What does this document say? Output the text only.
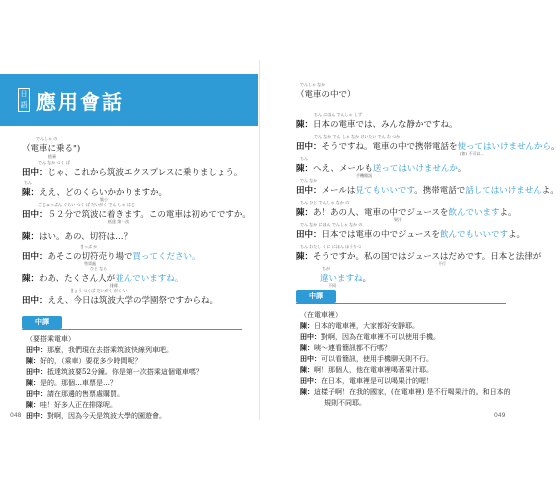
日語 應用會話
でんしゃ の
（電車に乗る")
搭乘
でん なか つく ば
田中：じゃ、これから筑波エクスプレスに乗りましょう。
ちん
陳：ええ、どのくらいかかりますか。
集小
ごじゅっぷん ぐらい つく ば だいがく でん しゃ はじ
田中：５２分で筑波に着きます。この電車は初めてですか。
抵達 第一次
陳：はい。あの、切符は…？
きっぷ か
田中：あそこの切符売り場で買ってください。
售票處
ひと なら
陳：わあ、たくさん人が並んでいますね。
排隊
きょう つくば だいがく がく い
田中：ええ、今日は筑波大学の学園祭ですからね。
中譯
（要搭乘電車）
田中：那麼，我們現在去搭乘筑波快線列車吧。
陳：好的，（乘車）要花多少時間呢？
田中：抵達筑波要52分鐘。你是第一次搭乘這個電車嗎？
陳：是的。那個…車票是…？
田中：請在那邊的售票處購買。
陳：哇！好多人正在排隊呢。
田中：對啊，因為今天是筑波大學的園遊會。
048
でんしゃ なか
（電車の中で）
ちん にほん でんしゃ しず
陳：日本の電車では、みんな静かですね。
でん なか でん しゃ なか けいたい でん わ つか
田中：そうですね。電車の中で携帯電話を使ってはいけませんから。
(如) 不可以…
ちん
陳：へえ、メールも送ってはいけませんか。
手機簡訊
でん なか
田中：メールは見てもいいです。携帯電話で話してはいけませんよ。
ちん ひと でんしゃ なか の
陳：あ！あの人、電車の中でジュースを飲んでいますよ。
果汁
でん なか にほん でんしゃ なか の
田中：日本では電車の中でジュースを飲んでもいいですよ。
ちん わたし くに にほん ほうりつ
陳：そうですか。私の国ではジュースはだめです。日本と法律が
不行
ちが
違いますね。
不同
中譯
（在電車裡）
陳：日本的電車裡，大家都好安靜耶。
田中：對啊，因為在電車裡不可以使用手機。
陳：咦～連看簡訊都不行嗎？
田中：可以看簡訊，使用手機聊天則不行。
陳：啊！那個人，他在電車裡喝著果汁耶。
田中：在日本，電車裡是可以喝果汁的喔！
陳：這樣子啊！在我的國家，(在電車裡) 是不行喝果汁的。和日本的
規則不同耶。
049
